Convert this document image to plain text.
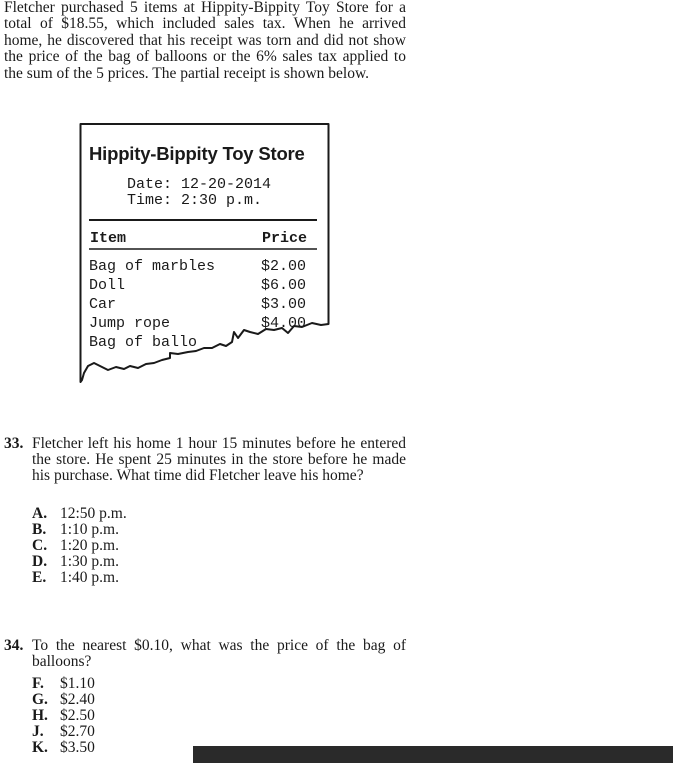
Fletcher purchased 5 items at Hippity-Bippity Toy Store for a total of $18.55, which included sales tax. When he arrived home, he discovered that his receipt was torn and did not show the price of the bag of balloons or the 6% sales tax applied to the sum of the 5 prices. The partial receipt is shown below.
Hippity-Bippity Toy Store
Date: 12-20-2014
Time: 2:30 p.m.
Item	Price
Bag of marbles	$2.00
Doll	$6.00
Car	$3.00
Jump rope	$4.00
Bag of ballo
33. Fletcher left his home 1 hour 15 minutes before he entered the store. He spent 25 minutes in the store before he made his purchase. What time did Fletcher leave his home?
A. 12:50 p.m.
B. 1:10 p.m.
C. 1:20 p.m.
D. 1:30 p.m.
E. 1:40 p.m.
34. To the nearest $0.10, what was the price of the bag of balloons?
F. $1.10
G. $2.40
H. $2.50
J. $2.70
K. $3.50
